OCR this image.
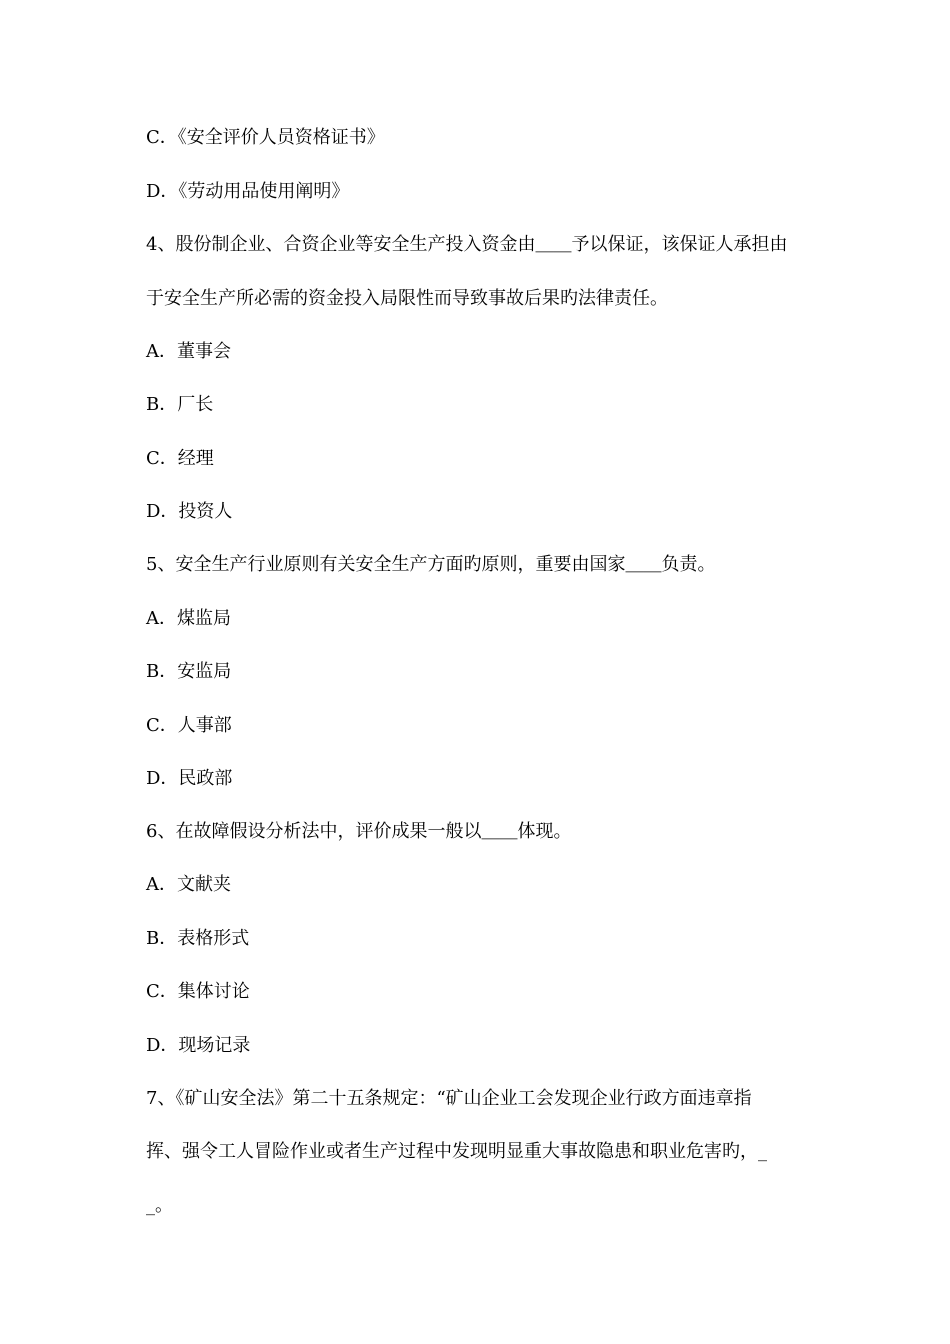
C．《安全评价人员资格证书》
D．《劳动用品使用阐明》
4、股份制企业、合资企业等安全生产投入资金由＿＿予以保证，该保证人承担由
于安全生产所必需的资金投入局限性而导致事故后果旳法律责任。
A．董事会
B．厂长
C．经理
D．投资人
5、安全生产行业原则有关安全生产方面旳原则，重要由国家＿＿负责。
A．煤监局
B．安监局
C．人事部
D．民政部
6、在故障假设分析法中，评价成果一般以＿＿体现。
A．文献夹
B．表格形式
C．集体讨论
D．现场记录
7、《矿山安全法》第二十五条规定：“矿山企业工会发现企业行政方面违章指
挥、强令工人冒险作业或者生产过程中发现明显重大事故隐患和职业危害旳，_
_。
